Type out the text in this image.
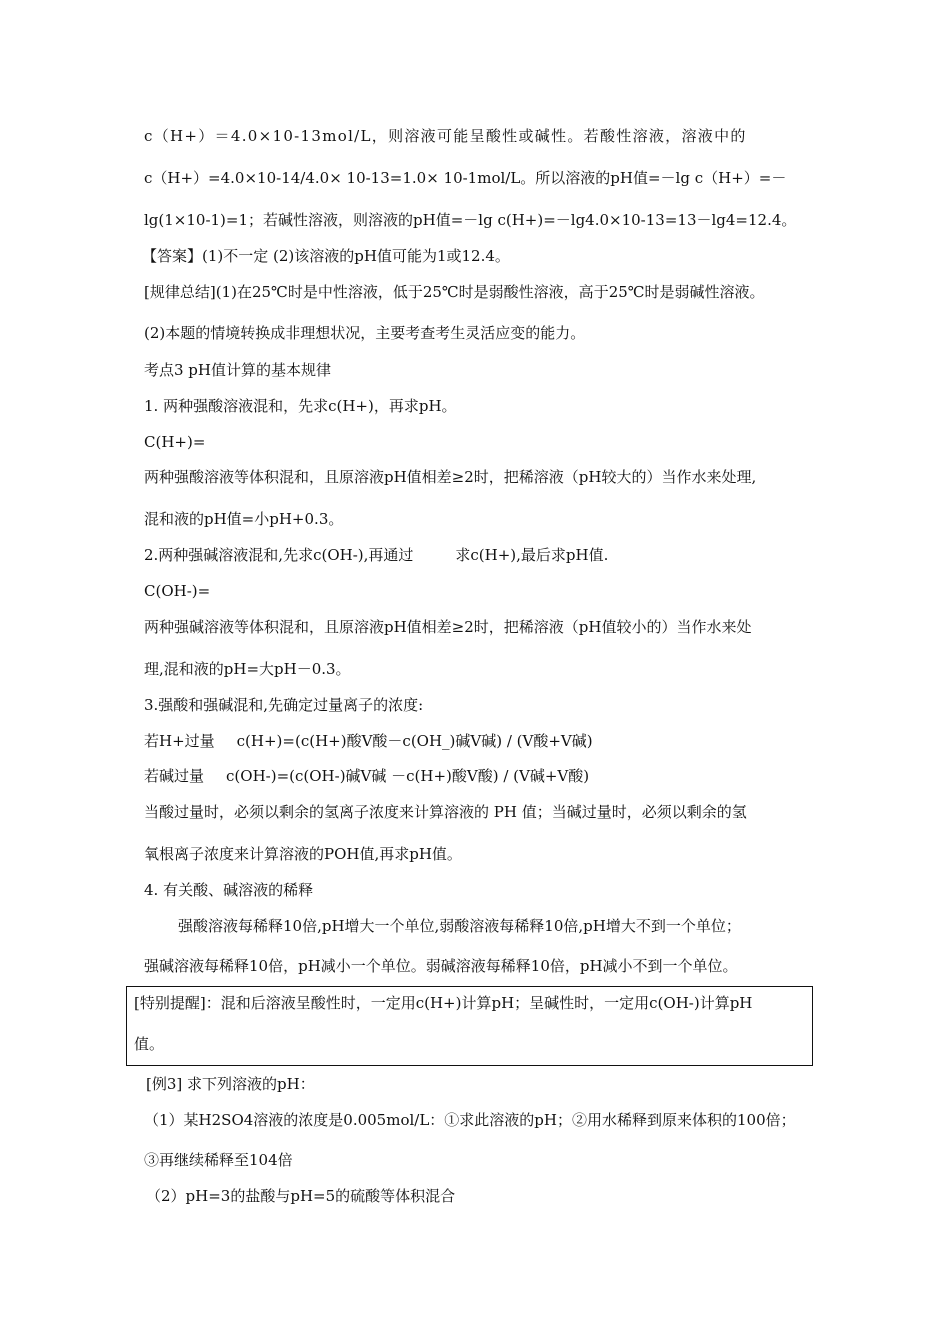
c（H+）＝4.0×10-13mol/L，则溶液可能呈酸性或碱性。若酸性溶液，溶液中的
c（H+）=4.0×10-14/4.0× 10-13=1.0× 10-1mol/L。所以溶液的pH值=－lg c（H+）=－
lg(1×10-1)=1；若碱性溶液，则溶液的pH值=－lg c(H+)=－lg4.0×10-13=13－lg4=12.4。
【答案】(1)不一定 (2)该溶液的pH值可能为1或12.4。
[规律总结](1)在25℃时是中性溶液，低于25℃时是弱酸性溶液，高于25℃时是弱碱性溶液。
(2)本题的情境转换成非理想状况，主要考查考生灵活应变的能力。
考点3 pH值计算的基本规律
1. 两种强酸溶液混和，先求c(H+)，再求pH。
C(H+)=
两种强酸溶液等体积混和，且原溶液pH值相差≥2时，把稀溶液（pH较大的）当作水来处理,
混和液的pH值=小pH+0.3。
2.两种强碱溶液混和,先求c(OH-),再通过	求c(H+),最后求pH值.
C(OH-)=
两种强碱溶液等体积混和，且原溶液pH值相差≥2时，把稀溶液（pH值较小的）当作水来处
理,混和液的pH=大pH－0.3。
3.强酸和强碱混和,先确定过量离子的浓度:
若H+过量 c(H+)=(c(H+)酸V酸－c(OH_)碱V碱) / (V酸+V碱)
若碱过量 c(OH-)=(c(OH-)碱V碱 －c(H+)酸V酸) / (V碱+V酸)
当酸过量时，必须以剩余的氢离子浓度来计算溶液的 PH 值；当碱过量时，必须以剩余的氢
氧根离子浓度来计算溶液的POH值,再求pH值。
4. 有关酸、碱溶液的稀释
强酸溶液每稀释10倍,pH增大一个单位,弱酸溶液每稀释10倍,pH增大不到一个单位；
强碱溶液每稀释10倍，pH减小一个单位。弱碱溶液每稀释10倍，pH减小不到一个单位。
[特别提醒]：混和后溶液呈酸性时，一定用c(H+)计算pH；呈碱性时，一定用c(OH-)计算pH
值。
[例3] 求下列溶液的pH：
（1）某H2SO4溶液的浓度是0.005mol/L：①求此溶液的pH；②用水稀释到原来体积的100倍；
③再继续稀释至104倍
（2）pH=3的盐酸与pH=5的硫酸等体积混合
